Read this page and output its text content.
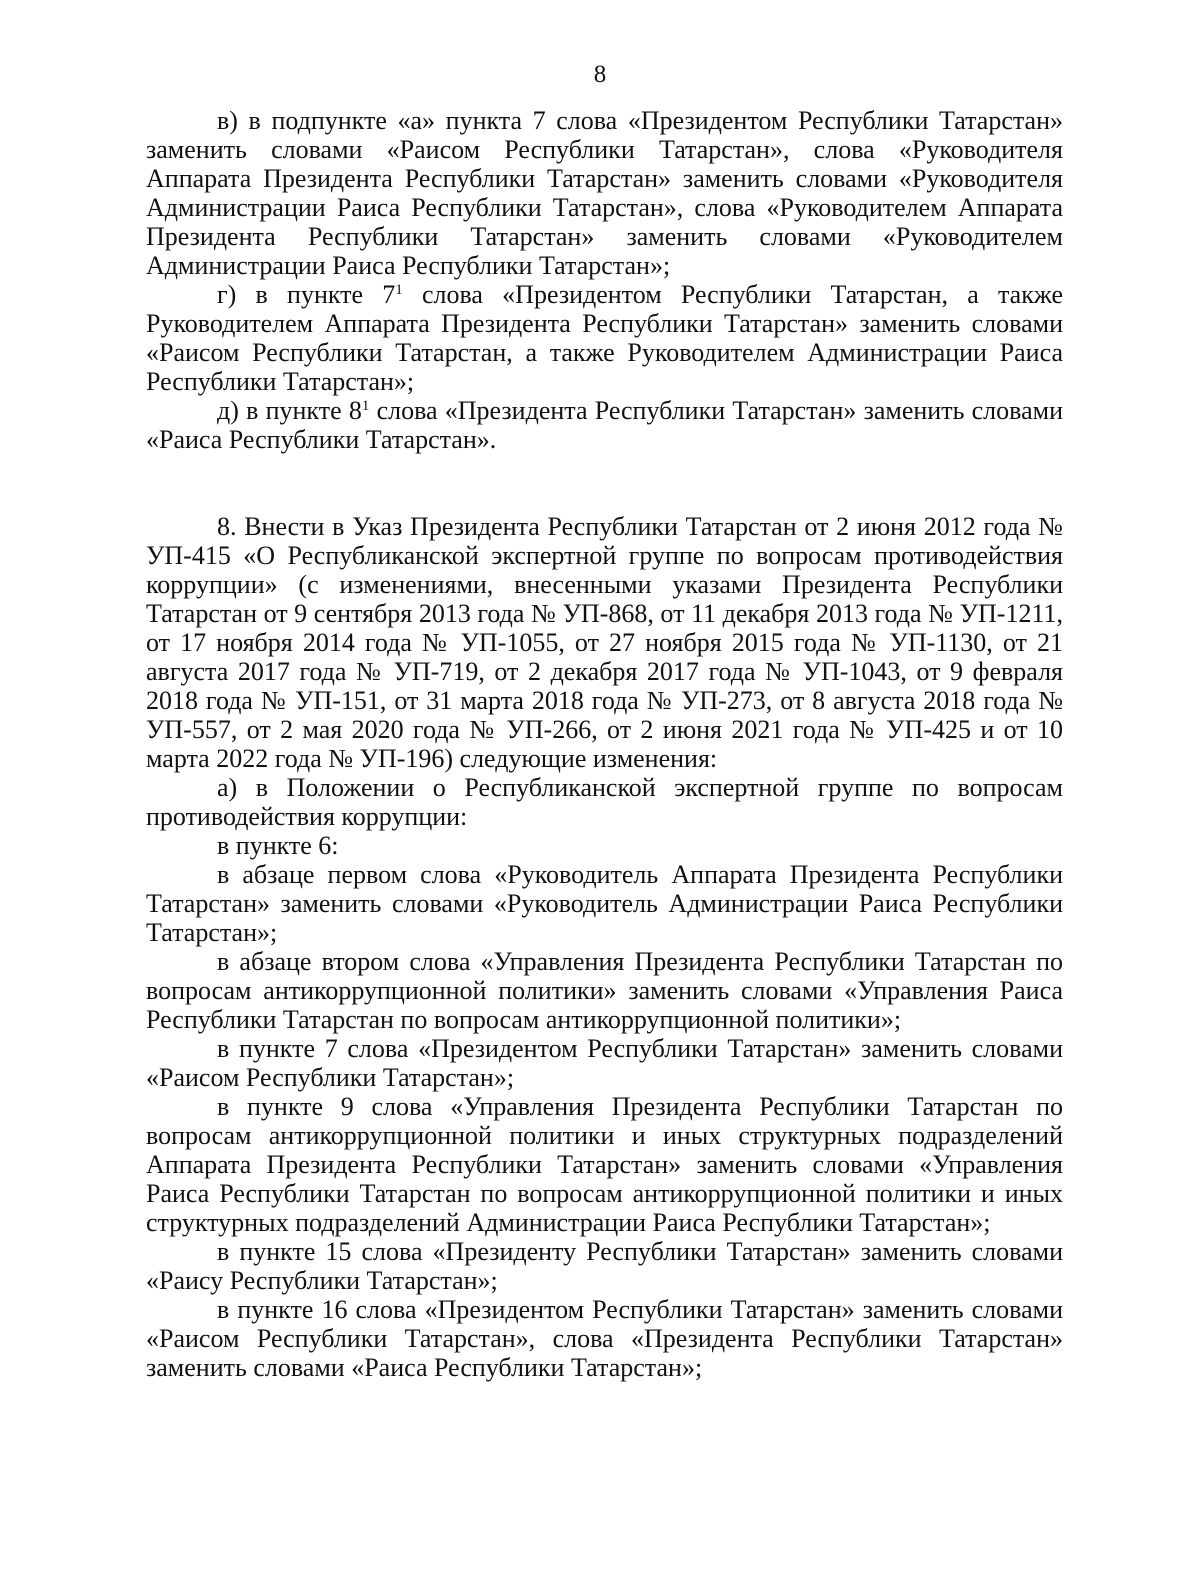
8

в) в подпункте «а» пункта 7 слова «Президентом Республики Татарстан» заменить словами «Раисом Республики Татарстан», слова «Руководителя Аппарата Президента Республики Татарстан» заменить словами «Руководителя Администрации Раиса Республики Татарстан», слова «Руководителем Аппарата Президента Республики Татарстан» заменить словами «Руководителем Администрации Раиса Республики Татарстан»;

г) в пункте $7^1$ слова «Президентом Республики Татарстан, а также Руководителем Аппарата Президента Республики Татарстан» заменить словами «Раисом Республики Татарстан, а также Руководителем Администрации Раиса Республики Татарстан»;

д) в пункте $8^1$ слова «Президента Республики Татарстан» заменить словами «Раиса Республики Татарстан».

8. Внести в Указ Президента Республики Татарстан от 2 июня 2012 года № УП-415 «О Республиканской экспертной группе по вопросам противодействия коррупции» (с изменениями, внесенными указами Президента Республики Татарстан от 9 сентября 2013 года № УП-868, от 11 декабря 2013 года № УП-1211, от 17 ноября 2014 года № УП-1055, от 27 ноября 2015 года № УП-1130, от 21 августа 2017 года № УП-719, от 2 декабря 2017 года № УП-1043, от 9 февраля 2018 года № УП-151, от 31 марта 2018 года № УП-273, от 8 августа 2018 года № УП-557, от 2 мая 2020 года № УП-266, от 2 июня 2021 года № УП-425 и от 10 марта 2022 года № УП-196) следующие изменения:

а) в Положении о Республиканской экспертной группе по вопросам противодействия коррупции:

в пункте 6:

в абзаце первом слова «Руководитель Аппарата Президента Республики Татарстан» заменить словами «Руководитель Администрации Раиса Республики Татарстан»;

в абзаце втором слова «Управления Президента Республики Татарстан по вопросам антикоррупционной политики» заменить словами «Управления Раиса Республики Татарстан по вопросам антикоррупционной политики»;

в пункте 7 слова «Президентом Республики Татарстан» заменить словами «Раисом Республики Татарстан»;

в пункте 9 слова «Управления Президента Республики Татарстан по вопросам антикоррупционной политики и иных структурных подразделений Аппарата Президента Республики Татарстан» заменить словами «Управления Раиса Республики Татарстан по вопросам антикоррупционной политики и иных структурных подразделений Администрации Раиса Республики Татарстан»;

в пункте 15 слова «Президенту Республики Татарстан» заменить словами «Раису Республики Татарстан»;

в пункте 16 слова «Президентом Республики Татарстан» заменить словами «Раисом Республики Татарстан», слова «Президента Республики Татарстан» заменить словами «Раиса Республики Татарстан»;
